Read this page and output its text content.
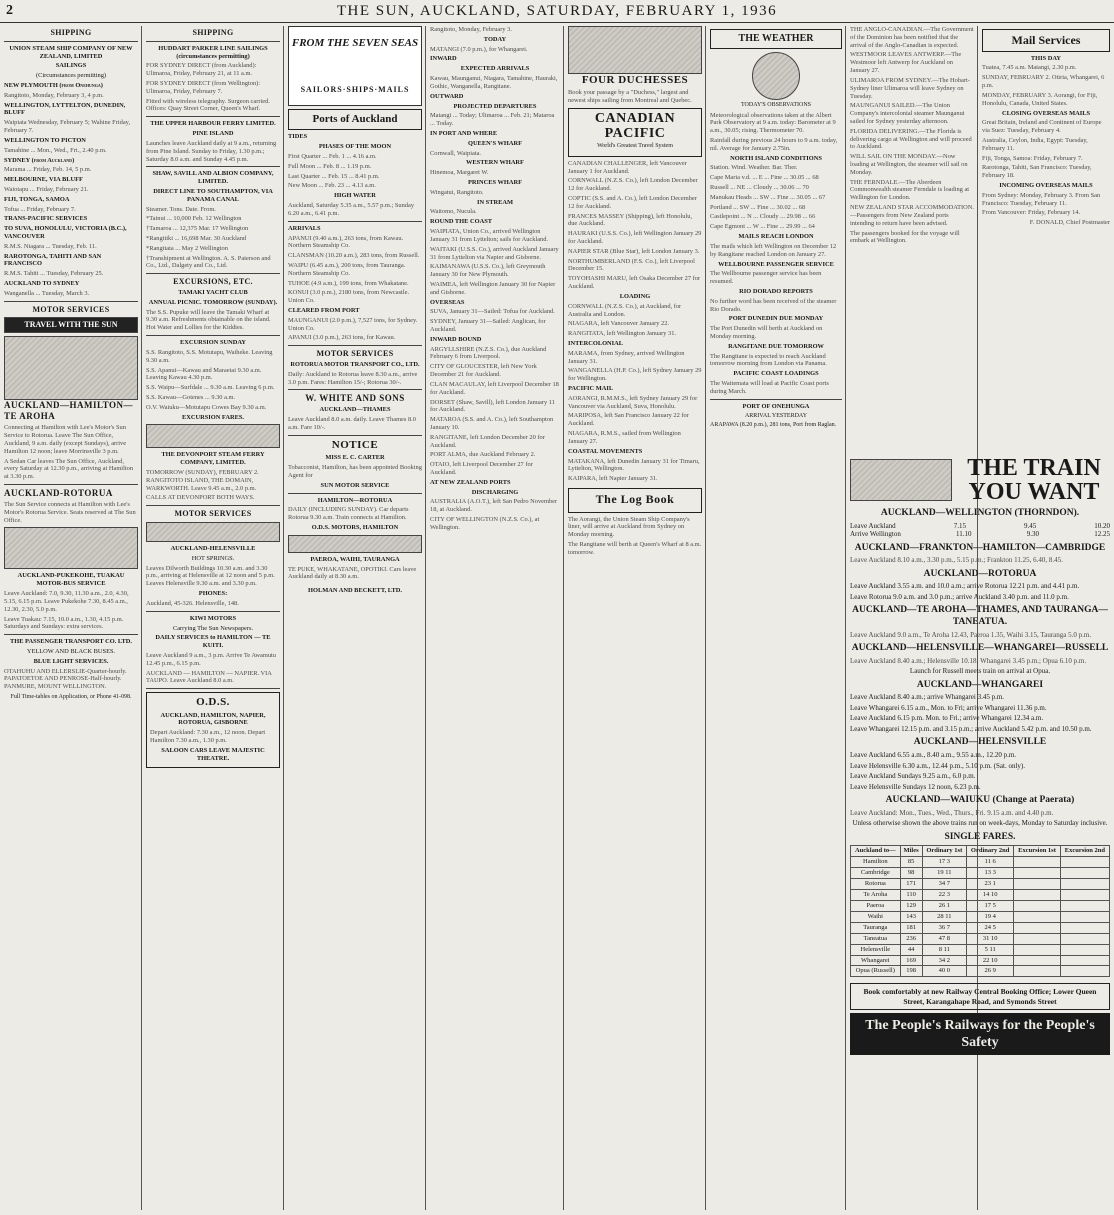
2	THE SUN, AUCKLAND, SATURDAY, FEBRUARY 1, 1936
SHIPPING

UNION STEAM SHIP COMPANY OF NEW ZEALAND, LIMITED

SAILINGS

(Circumstances permitting)

NEW PLYMOUTH (from Onehunga)

Rangitoto, Monday, February 3, 4 p.m.

WELLINGTON, LYTTELTON, DUNEDIN, BLUFF

Waipiata Wednesday, February 5; Wahine Friday, February 7.

WELLINGTON TO PICTON

Tamahine ... Mon., Wed., Fri., 2.40 p.m.

SYDNEY (from Auckland)

Marama ... Friday, Feb. 14, 5 p.m.

MELBOURNE, VIA BLUFF

Waiotapu ... Friday, February 21.

FIJI, TONGA, SAMOA

Tofua ... Friday, February 7.

TRANS-PACIFIC SERVICES

TO SUVA, HONOLULU, VICTORIA (B.C.), VANCOUVER

R.M.S. Niagara ... Tuesday, Feb. 11.

RAROTONGA, TAHITI AND SAN FRANCISCO

R.M.S. Tahiti ... Tuesday, February 25.

AUCKLAND TO SYDNEY

Wanganella ... Tuesday, March 3.

MOTOR SERVICES
TRAVEL WITH THE SUN

AUCKLAND—HAMILTON—TE AROHA

Connecting at Hamilton with Lee's Motor's Sun Service to Rotorua. Leave The Sun Office, Auckland, 9 a.m. daily (except Sundays), arrive Hamilton 12 noon; leave Morrinsville 3 p.m.

A Sedan Car leaves The Sun Office, Auckland, every Saturday at 12.30 p.m., arriving at Hamilton at 3.30 p.m.

AUCKLAND-ROTORUA

The Sun Service connects at Hamilton with Lee's Motor's Rotorua Service. Seats reserved at The Sun Office.

AUCKLAND-PUKEKOHE, TUAKAU MOTOR-BUS SERVICE

Leave Auckland: 7.0, 9.30, 11.30 a.m., 2.0, 4.30, 5.15, 6.15 p.m. Leave Pukekohe 7.30, 8.45 a.m., 12.30, 2.30, 5.0 p.m.

Leave Tuakau: 7.15, 10.0 a.m., 1.30, 4.15 p.m. Saturdays and Sundays: extra services.

THE PASSENGER TRANSPORT CO. LTD.

YELLOW AND BLACK BUSES.

BLUE LIGHT SERVICES.

OTAHUHU AND ELLERSLIE-Quarter-hourly. PAPATOETOE AND PENROSE-Half-hourly. PANMURE, MOUNT WELLINGTON.

Full Time-tables on Application, or Phone 41-098.

SHIPPING

HUDDART PARKER LINE SAILINGS (circumstances permitting)

FOR SYDNEY DIRECT (from Auckland): Ulimaroa, Friday, February 21, at 11 a.m.

FOR SYDNEY DIRECT (from Wellington): Ulimaroa, Friday, February 7.

Fitted with wireless telegraphy. Surgeon carried. Offices: Quay Street Corner, Queen's Wharf.

THE UPPER HARBOUR FERRY LIMITED.

PINE ISLAND

Launches leave Auckland daily at 9 a.m., returning from Pine Island. Sunday to Friday, 1.30 p.m.; Saturday 8.0 a.m. and Sunday 4.45 p.m.

SHAW, SAVILL AND ALBION COMPANY, LIMITED.

DIRECT LINE TO SOUTHAMPTON, VIA PANAMA CANAL

Steamer. Tons. Date. From.

*Tainui ... 10,000 Feb. 12 Wellington

†Tamaroa ... 12,375 Mar. 17 Wellington

*Rangitiki ... 16,698 Mar. 30 Auckland

*Rangitata ... May 2 Wellington

†Transhipment at Wellington. A. S. Paterson and Co., Ltd., Dalgety and Co., Ltd.

EXCURSIONS, ETC.

TAMAKI YACHT CLUB

ANNUAL PICNIC. TOMORROW (SUNDAY).

The S.S. Pupuke will leave the Tamaki Wharf at 9.30 a.m. Refreshments obtainable on the island. Hot Water and Lollies for the Kiddies.

EXCURSION SUNDAY

S.S. Rangitoto, S.S. Motutapu, Waiheke. Leaving 9.30 a.m.

S.S. Apanui—Kawau and Maraetai 9.30 a.m. Leaving Kawau 4.30 p.m.

S.S. Waipu—Surfdale ... 9.30 a.m. Leaving 6 p.m.

S.S. Kawau—Gotenes ... 9.30 a.m.

O.V. Waiuku—Motutapu Cowes Bay 9.30 a.m.

EXCURSION FARES.

THE DEVONPORT STEAM FERRY COMPANY, LIMITED.

TOMORROW (SUNDAY), FEBRUARY 2. RANGITOTO ISLAND, THE DOMAIN, WARKWORTH. Leave 9.45 a.m., 2.0 p.m.

CALLS AT DEVONPORT BOTH WAYS.

MOTOR SERVICES

AUCKLAND-HELENSVILLE

HOT SPRINGS.

Leaves Dilworth Buildings 10.30 a.m. and 3.30 p.m., arriving at Helensville at 12 noon and 5 p.m. Leaves Helensville 9.30 a.m. and 3.30 p.m.

PHONES:

Auckland, 45-326. Helensville, 148.

KIWI MOTORS

Carrying The Sun Newspapers.

DAILY SERVICES to HAMILTON — TE KUITI.

Leave Auckland 9 a.m., 3 p.m. Arrive Te Awamutu 12.45 p.m., 6.15 p.m.

AUCKLAND — HAMILTON — NAPIER. VIA TAUPO. Leave Auckland 8.0 a.m.

O.D.S.

AUCKLAND, HAMILTON, NAPIER, ROTORUA, GISBORNE

Depart Auckland: 7.30 a.m., 12 noon. Depart Hamilton 7.30 a.m., 1.30 p.m.

SALOON CARS LEAVE MAJESTIC THEATRE.

FROM THE SEVEN SEAS
SAILORS·SHIPS·MAILS
Ports of Auckland

TIDES

PHASES OF THE MOON

First Quarter ... Feb. 1 ... 4.16 a.m.

Full Moon ... Feb. 8 ... 1.19 p.m.

Last Quarter ... Feb. 15 ... 8.41 p.m.

New Moon ... Feb. 23 ... 4.13 a.m.

HIGH WATER

Auckland, Saturday 5.35 a.m., 5.57 p.m.; Sunday 6.20 a.m., 6.41 p.m.

ARRIVALS

APANUI (9.40 a.m.), 263 tons, from Kawau. Northern Steamship Co.

CLANSMAN (10.20 a.m.), 283 tons, from Russell.

WAIPU (6.45 a.m.), 200 tons, from Tauranga. Northern Steamship Co.

TUHOE (4.9 a.m.), 199 tons, from Whakatane.

KONUI (3.0 p.m.), 2180 tons, from Newcastle. Union Co.

CLEARED FROM PORT

MAUNGANUI (2.0 p.m.), 7,527 tons, for Sydney. Union Co.

APANUI (3.0 p.m.), 263 tons, for Kawau.

MOTOR SERVICES

ROTORUA MOTOR TRANSPORT CO., LTD.

Daily: Auckland to Rotorua leave 8.30 a.m., arrive 3.0 p.m. Fares: Hamilton 15/-; Rotorua 30/-.

W. WHITE AND SONS

AUCKLAND—THAMES

Leave Auckland 8.0 a.m. daily. Leave Thames 8.0 a.m. Fare 10/-.

NOTICE

MISS E. C. CARTER

Tobacconist, Hamilton, has been appointed Booking Agent for

SUN MOTOR SERVICE

HAMILTON—ROTORUA

DAILY (INCLUDING SUNDAY). Car departs Rotorua 9.30 a.m. Train connects at Hamilton.

O.D.S. MOTORS, HAMILTON

PAEROA, WAIHI, TAURANGA

TE PUKE, WHAKATANE, OPOTIKI. Cars leave Auckland daily at 8.30 a.m.

HOLMAN AND BECKETT, LTD.

Rangitoto, Monday, February 3.

TODAY

MATANGI (7.0 p.m.), for Whangarei.

INWARD

EXPECTED ARRIVALS

Kawau, Maunganui, Niagara, Tamahine, Hauraki, Gothic, Wanganella, Rangitane.

OUTWARD

PROJECTED DEPARTURES

Matangi ... Today; Ulimaroa ... Feb. 21; Mataroa ... Today.

IN PORT AND WHERE

QUEEN'S WHARF

Cornwall, Waipiata.

WESTERN WHARF

Hinemoa, Margaret W.

PRINCES WHARF

Wingatui, Rangitoto.

IN STREAM

Waitomo, Nucula.

ROUND THE COAST

WAIPIATA, Union Co., arrived Wellington January 31 from Lyttelton; sails for Auckland.

WAITAKI (U.S.S. Co.), arrived Auckland January 31 from Lyttelton via Napier and Gisborne.

KAIMANAWA (U.S.S. Co.), left Greymouth January 30 for New Plymouth.

WAIMEA, left Wellington January 30 for Napier and Gisborne.

OVERSEAS

SUVA, January 31—Sailed: Tofua for Auckland.

SYDNEY, January 31—Sailed: Anglican, for Auckland.

INWARD BOUND

ARGYLLSHIRE (N.Z.S. Co.), due Auckland February 6 from Liverpool.

CITY OF GLOUCESTER, left New York December 21 for Auckland.

CLAN MACAULAY, left Liverpool December 18 for Auckland.

DORSET (Shaw, Savill), left London January 11 for Auckland.

MATAROA (S.S. and A. Co.), left Southampton January 10.

RANGITANE, left London December 20 for Auckland.

PORT ALMA, due Auckland February 2.

OTAIO, left Liverpool December 27 for Auckland.

AT NEW ZEALAND PORTS

DISCHARGING

AUSTRALIA (A.O.T.), left San Pedro November 18, at Auckland.

CITY OF WELLINGTON (N.Z.S. Co.), at Wellington.

FOUR DUCHESSES

Book your passage by a "Duchess," largest and newest ships sailing from Montreal and Quebec.

CANADIAN PACIFIC

World's Greatest Travel System

CANADIAN CHALLENGER, left Vancouver January 1 for Auckland.

CORNWALL (N.Z.S. Co.), left London December 12 for Auckland.

COPTIC (S.S. and A. Co.), left London December 12 for Auckland.

FRANCES MASSEY (Shipping), left Honolulu, due Auckland.

HAURAKI (U.S.S. Co.), left Wellington January 29 for Auckland.

NAPIER STAR (Blue Star), left London January 3.

NORTHUMBERLAND (F.S. Co.), left Liverpool December 15.

TOYOHASHI MARU, left Osaka December 27 for Auckland.

LOADING

CORNWALL (N.Z.S. Co.), at Auckland, for Australia and London.

NIAGARA, left Vancouver January 22.

RANGITATA, left Wellington January 31.

INTERCOLONIAL

MARAMA, from Sydney, arrived Wellington January 31.

WANGANELLA (H.P. Co.), left Sydney January 29 for Wellington.

PACIFIC MAIL

AORANGI, R.M.M.S., left Sydney January 29 for Vancouver via Auckland, Suva, Honolulu.

MARIPOSA, left San Francisco January 22 for Auckland.

NIAGARA, R.M.S., sailed from Wellington January 27.

COASTAL MOVEMENTS

MATAKANA, left Dunedin January 31 for Timaru, Lyttelton, Wellington.

KAIPARA, left Napier January 31.

The Log Book

The Aorangi, the Union Steam Ship Company's liner, will arrive at Auckland from Sydney on Monday morning.

The Rangitane will berth at Queen's Wharf at 8 a.m. tomorrow.

THE WEATHER

TODAY'S OBSERVATIONS

Meteorological observations taken at the Albert Park Observatory at 9 a.m. today: Barometer at 9 a.m., 30.05; rising. Thermometer 70.

Rainfall during previous 24 hours to 9 a.m. today, nil. Average for January 2.75in.

NORTH ISLAND CONDITIONS

Station. Wind. Weather. Bar. Ther.

Cape Maria v.d. ... E ... Fine ... 30.05 ... 68

Russell ... NE ... Cloudy ... 30.06 ... 70

Manukau Heads ... SW ... Fine ... 30.05 ... 67

Portland ... SW ... Fine ... 30.02 ... 68

Castlepoint ... N ... Cloudy ... 29.98 ... 66

Cape Egmont ... W ... Fine ... 29.99 ... 64

MAILS REACH LONDON

The mails which left Wellington on December 12 by Rangitane reached London on January 27.

WELLBOURNE PASSENGER SERVICE

The Wellbourne passenger service has been resumed.

RIO DORADO REPORTS

No further word has been received of the steamer Rio Dorado.

PORT DUNEDIN DUE MONDAY

The Port Dunedin will berth at Auckland on Monday morning.

RANGITANE DUE TOMORROW

The Rangitane is expected to reach Auckland tomorrow morning from London via Panama.

PACIFIC COAST LOADINGS

The Waitemata will load at Pacific Coast ports during March.

PORT OF ONEHUNGA

ARRIVAL YESTERDAY

ARAPAWA (8.20 p.m.), 281 tons, Port from Raglan.

THE ANGLO-CANADIAN.—The Government of the Dominion has been notified that the arrival of the Anglo-Canadian is expected.

WESTMOOR LEAVES ANTWERP.—The Westmoor left Antwerp for Auckland on January 27.

ULIMAROA FROM SYDNEY.—The Hobart-Sydney liner Ulimaroa will leave Sydney on Tuesday.

MAUNGANUI SAILED.—The Union Company's intercolonial steamer Maunganui sailed for Sydney yesterday afternoon.

FLORIDA DELIVERING.—The Florida is delivering cargo at Wellington and will proceed to Auckland.

WILL SAIL ON THE MONDAY.—Now loading at Wellington, the steamer will sail on Monday.

THE FERNDALE.—The Aberdeen Commonwealth steamer Ferndale is loading at Wellington for London.

NEW ZEALAND STAR ACCOMMODATION.—Passengers from New Zealand ports intending to return have been advised.

The passengers booked for the voyage will embark at Wellington.

Mail Services

THIS DAY

Tuatea, 7.45 a.m. Matangi, 2.30 p.m.

SUNDAY, FEBRUARY 2. Otiria, Whangarei, 6 p.m.

MONDAY, FEBRUARY 3. Aorangi, for Fiji, Honolulu, Canada, United States.

CLOSING OVERSEAS MAILS

Great Britain, Ireland and Continent of Europe via Suez: Tuesday, February 4.

Australia, Ceylon, India, Egypt: Tuesday, February 11.

Fiji, Tonga, Samoa: Friday, February 7.

Rarotonga, Tahiti, San Francisco: Tuesday, February 18.

INCOMING OVERSEAS MAILS

From Sydney: Monday, February 3. From San Francisco: Tuesday, February 11.

From Vancouver: Friday, February 14.

F. DONALD, Chief Postmaster

THE TRAIN
YOU WANT

AUCKLAND—WELLINGTON (THORNDON).

Leave Auckland	7.15	9.45	10.20
Arrive Wellington	11.10	9.30	12.25

AUCKLAND—FRANKTON—HAMILTON—CAMBRIDGE

Leave Auckland 8.10 a.m., 3.30 p.m., 5.15 p.m.; Frankton 11.25, 6.40, 8.45.

AUCKLAND—ROTORUA

Leave Auckland 3.55 a.m. and 10.0 a.m.; arrive Rotorua 12.21 p.m. and 4.41 p.m.

Leave Rotorua 9.0 a.m. and 3.0 p.m.; arrive Auckland 3.40 p.m. and 11.0 p.m.

AUCKLAND—TE AROHA—THAMES, AND TAURANGA—TANEATUA.

Leave Auckland 9.0 a.m., Te Aroha 12.43, Paeroa 1.35, Waihi 3.15, Tauranga 5.0 p.m.

AUCKLAND—HELENSVILLE—WHANGAREI—RUSSELL

Leave Auckland 8.40 a.m.; Helensville 10.18; Whangarei 3.45 p.m.; Opua 6.10 p.m.

Launch for Russell meets train on arrival at Opua.

AUCKLAND—WHANGAREI

Leave Auckland 8.40 a.m.; arrive Whangarei 3.45 p.m.

Leave Whangarei 6.15 a.m., Mon. to Fri; arrive Whangarei 11.36 p.m.

Leave Auckland 6.15 p.m. Mon. to Fri.; arrive Whangarei 12.34 a.m.

Leave Whangarei 12.15 p.m. and 3.15 p.m.; arrive Auckland 5.42 p.m. and 10.50 p.m.

AUCKLAND—HELENSVILLE

Leave Auckland 6.55 a.m., 8.40 a.m., 9.55 a.m., 12.20 p.m.

Leave Helensville 6.30 a.m., 12.44 p.m., 5.10 p.m. (Sat. only).

Leave Auckland Sundays 9.25 a.m., 6.0 p.m.

Leave Helensville Sundays 12 noon, 6.23 p.m.

AUCKLAND—WAIUKU (Change at Paerata)

Leave Auckland: Mon., Tues., Wed., Thurs., Fri. 9.15 a.m. and 4.40 p.m.

Unless otherwise shown the above trains run on week-days, Monday to Saturday inclusive.

SINGLE FARES.

Auckland to—	Miles	Ordinary 1st	Ordinary 2nd	Excursion 1st	Excursion 2nd
Hamilton	85	17 3	11 6		
Cambridge	98	19 11	13 3		
Rotorua	171	34 7	23 1		
Te Aroha	110	22 3	14 10		
Paeroa	129	26 1	17 5		
Waihi	143	28 11	19 4		
Tauranga	181	36 7	24 5		
Taneatua	236	47 8	31 10		
Helensville	44	8 11	5 11		
Whangarei	169	34 2	22 10		
Opua (Russell)	198	40 0	26 9		
Book comfortably at new Railway Central Booking Office; Lower Queen Street, Karangahape Road, and Symonds Street
The People's Railways for the People's Safety
